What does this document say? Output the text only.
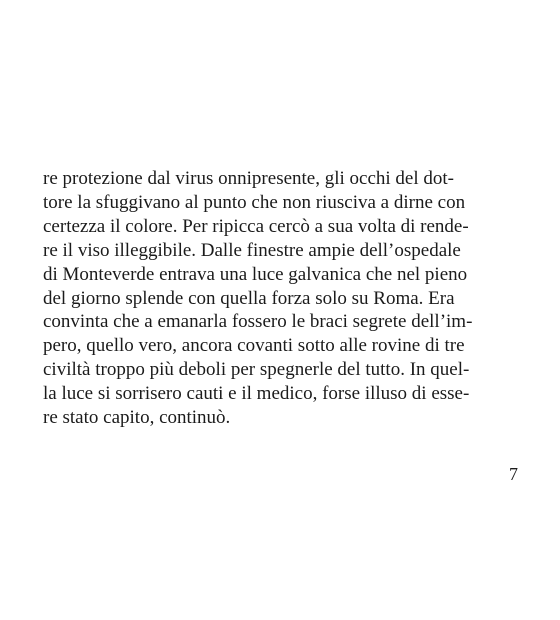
re protezione dal virus onnipresente, gli occhi del dot-
tore la sfuggivano al punto che non riusciva a dirne con
certezza il colore. Per ripicca cercò a sua volta di rende-
re il viso illeggibile. Dalle finestre ampie dell’ospedale
di Monteverde entrava una luce galvanica che nel pieno
del giorno splende con quella forza solo su Roma. Era
convinta che a emanarla fossero le braci segrete dell’im-
pero, quello vero, ancora covanti sotto alle rovine di tre
civiltà troppo più deboli per spegnerle del tutto. In quel-
la luce si sorrisero cauti e il medico, forse illuso di esse-
re stato capito, continuò.
7
